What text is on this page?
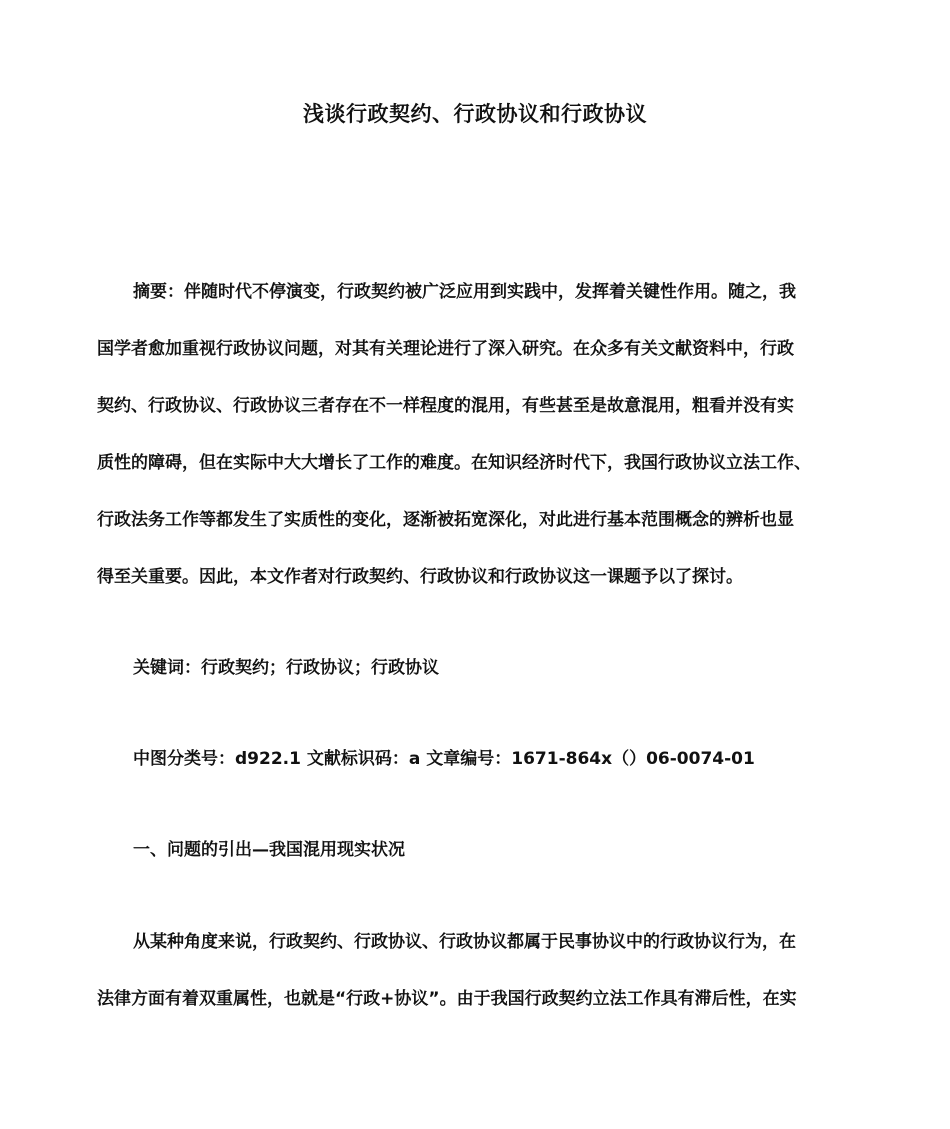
浅谈行政契约、行政协议和行政协议
摘要：伴随时代不停演变，行政契约被广泛应用到实践中，发挥着关键性作用。随之，我
国学者愈加重视行政协议问题，对其有关理论进行了深入研究。在众多有关文献资料中，行政
契约、行政协议、行政协议三者存在不一样程度的混用，有些甚至是故意混用，粗看并没有实
质性的障碍，但在实际中大大增长了工作的难度。在知识经济时代下，我国行政协议立法工作、
行政法务工作等都发生了实质性的变化，逐渐被拓宽深化，对此进行基本范围概念的辨析也显
得至关重要。因此，本文作者对行政契约、行政协议和行政协议这一课题予以了探讨。
关键词：行政契约；行政协议；行政协议
中图分类号：d922.1 文献标识码：a 文章编号：1671-864x（）06-0074-01
一、问题的引出—我国混用现实状况
从某种角度来说，行政契约、行政协议、行政协议都属于民事协议中的行政协议行为，在
法律方面有着双重属性，也就是“行政+协议”。由于我国行政契约立法工作具有滞后性，在实
